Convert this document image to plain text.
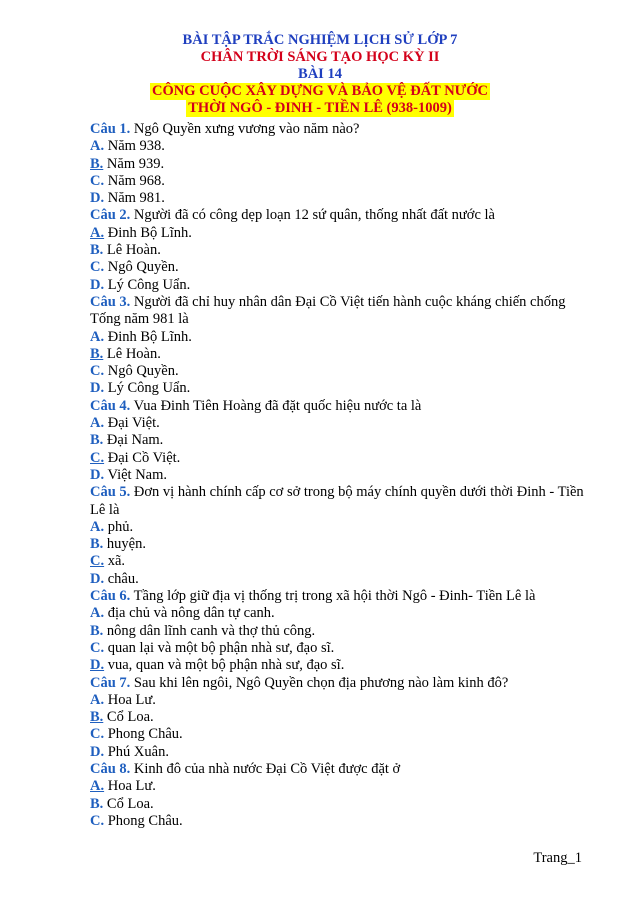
BÀI TẬP TRẮC NGHIỆM LỊCH SỬ LỚP 7
CHÂN TRỜI SÁNG TẠO HỌC KỲ II
BÀI 14
CÔNG CUỘC XÂY DỰNG VÀ BẢO VỆ ĐẤT NƯỚC
THỜI NGÔ - ĐINH - TIỀN LÊ (938-1009)
Câu 1. Ngô Quyền xưng vương vào năm nào?
A. Năm 938.
B. Năm 939.
C. Năm 968.
D. Năm 981.
Câu 2. Người đã có công dẹp loạn 12 sứ quân, thống nhất đất nước là
A. Đinh Bộ Lĩnh.
B. Lê Hoàn.
C. Ngô Quyền.
D. Lý Công Uẩn.
Câu 3. Người đã chỉ huy nhân dân Đại Cồ Việt tiến hành cuộc kháng chiến chống Tống năm 981 là
A. Đinh Bộ Lĩnh.
B. Lê Hoàn.
C. Ngô Quyền.
D. Lý Công Uẩn.
Câu 4. Vua Đinh Tiên Hoàng đã đặt quốc hiệu nước ta là
A. Đại Việt.
B. Đại Nam.
C. Đại Cồ Việt.
D. Việt Nam.
Câu 5. Đơn vị hành chính cấp cơ sở trong bộ máy chính quyền dưới thời Đinh - Tiền Lê là
A. phủ.
B. huyện.
C. xã.
D. châu.
Câu 6. Tầng lớp giữ địa vị thống trị trong xã hội thời Ngô - Đinh- Tiền Lê là
A. địa chủ và nông dân tự canh.
B. nông dân lĩnh canh và thợ thủ công.
C. quan lại và một bộ phận nhà sư, đạo sĩ.
D. vua, quan và một bộ phận nhà sư, đạo sĩ.
Câu 7. Sau khi lên ngôi, Ngô Quyền chọn địa phương nào làm kinh đô?
A. Hoa Lư.
B. Cổ Loa.
C. Phong Châu.
D. Phú Xuân.
Câu 8. Kinh đô của nhà nước Đại Cồ Việt được đặt ở
A. Hoa Lư.
B. Cổ Loa.
C. Phong Châu.
Trang_1
